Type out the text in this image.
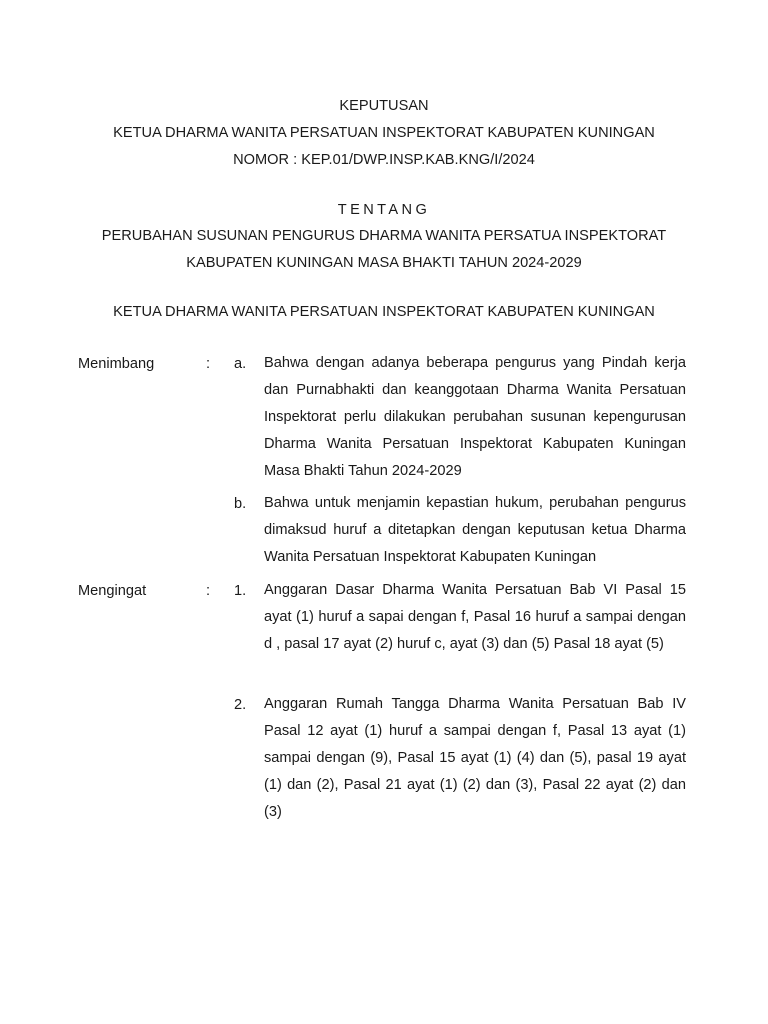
KEPUTUSAN
KETUA DHARMA WANITA PERSATUAN INSPEKTORAT KABUPATEN KUNINGAN
NOMOR : KEP.01/DWP.INSP.KAB.KNG/I/2024
TENTANG
PERUBAHAN SUSUNAN PENGURUS DHARMA WANITA PERSATUA INSPEKTORAT
KABUPATEN KUNINGAN MASA BHAKTI TAHUN 2024-2029
KETUA DHARMA WANITA PERSATUAN INSPEKTORAT KABUPATEN KUNINGAN
Menimbang	: a. Bahwa dengan adanya beberapa pengurus yang Pindah kerja dan Purnabhakti dan keanggotaan Dharma Wanita Persatuan Inspektorat perlu dilakukan perubahan susunan kepengurusan Dharma Wanita Persatuan Inspektorat Kabupaten Kuningan Masa Bhakti Tahun 2024-2029

b. Bahwa untuk menjamin kepastian hukum, perubahan pengurus dimaksud huruf a ditetapkan dengan keputusan ketua Dharma Wanita Persatuan Inspektorat Kabupaten Kuningan

Mengingat	: 1. Anggaran Dasar Dharma Wanita Persatuan Bab VI Pasal 15 ayat (1) huruf a sapai dengan f, Pasal 16 huruf a sampai dengan d , pasal 17 ayat (2) huruf c, ayat (3) dan (5) Pasal 18 ayat (5)

2. Anggaran Rumah Tangga Dharma Wanita Persatuan Bab IV Pasal 12 ayat (1) huruf a sampai dengan f, Pasal 13 ayat (1) sampai dengan (9), Pasal 15 ayat (1) (4) dan (5), pasal 19 ayat (1) dan (2), Pasal 21 ayat (1) (2) dan (3), Pasal 22 ayat (2) dan (3)
